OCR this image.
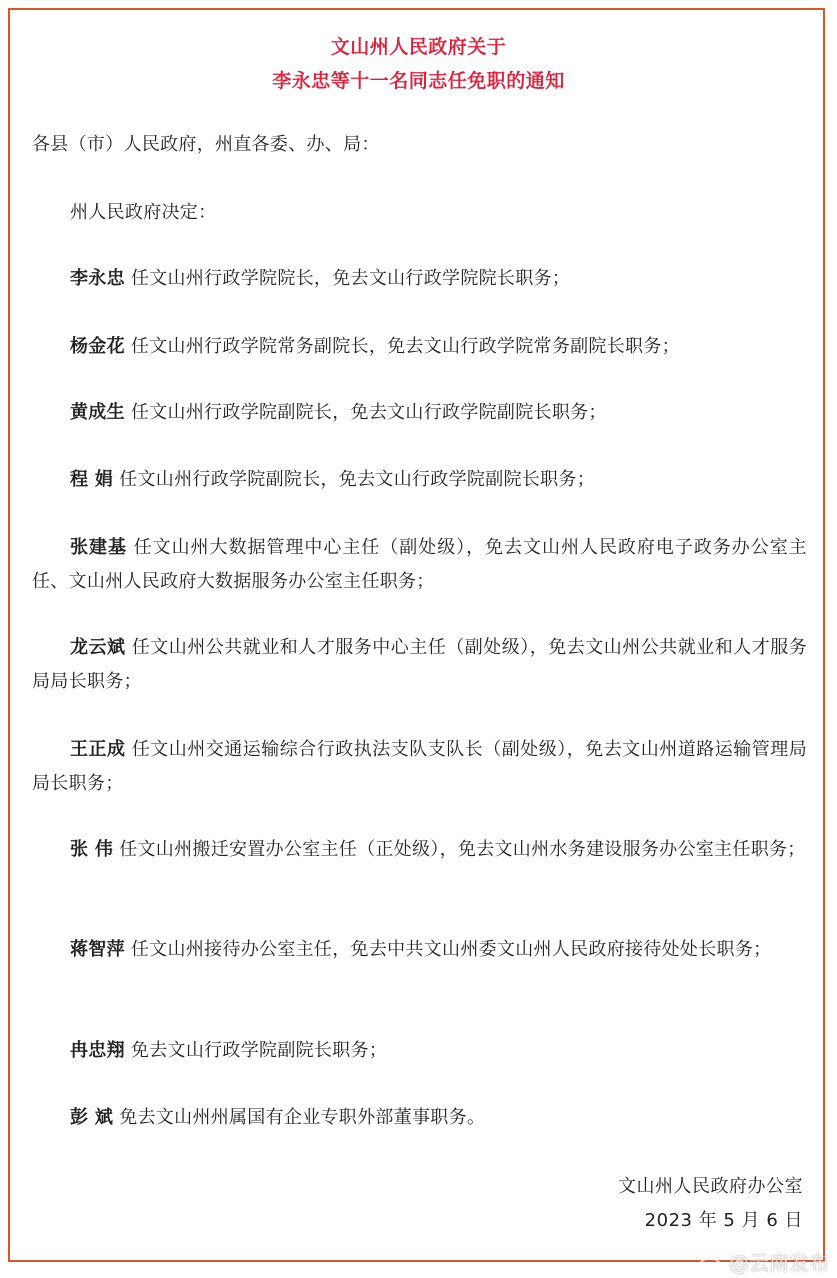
文山州人民政府关于
李永忠等十一名同志任免职的通知
各县（市）人民政府，州直各委、办、局：
州人民政府决定：
李永忠 任文山州行政学院院长，免去文山行政学院院长职务；
杨金花 任文山州行政学院常务副院长，免去文山行政学院常务副院长职务；
黄成生 任文山州行政学院副院长，免去文山行政学院副院长职务；
程 娟 任文山州行政学院副院长，免去文山行政学院副院长职务；
张建基 任文山州大数据管理中心主任（副处级），免去文山州人民政府电子政务办公室主任、文山州人民政府大数据服务办公室主任职务；
龙云斌 任文山州公共就业和人才服务中心主任（副处级），免去文山州公共就业和人才服务局局长职务；
王正成 任文山州交通运输综合行政执法支队支队长（副处级），免去文山州道路运输管理局局长职务；
张 伟 任文山州搬迁安置办公室主任（正处级），免去文山州水务建设服务办公室主任职务；
蒋智萍 任文山州接待办公室主任，免去中共文山州委文山州人民政府接待处处长职务；
冉忠翔 免去文山行政学院副院长职务；
彭 斌 免去文山州州属国有企业专职外部董事职务。
文山州人民政府办公室
2023 年 5 月 6 日
@云南发布
